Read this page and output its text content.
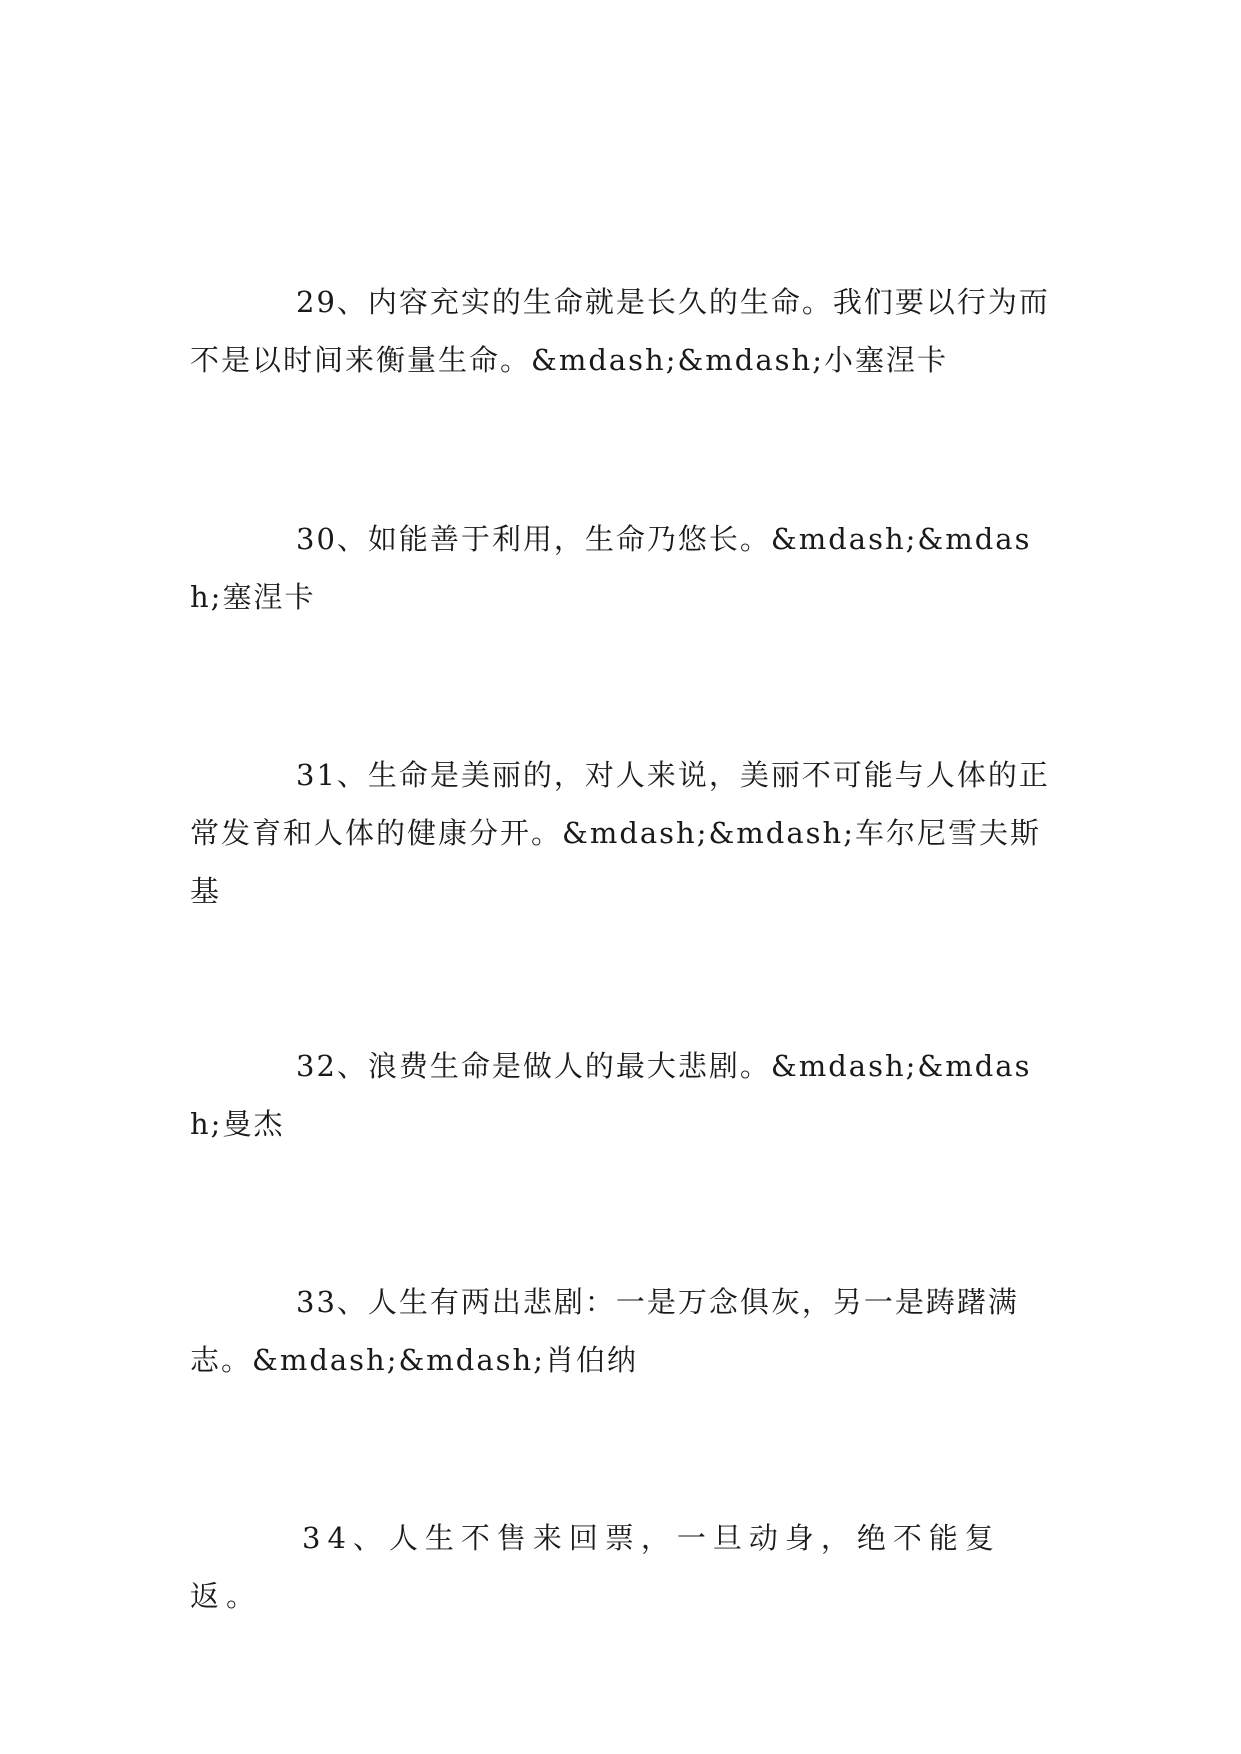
29、内容充实的生命就是长久的生命。我们要以行为而不是以时间来衡量生命。&mdash;&mdash;小塞涅卡

30、如能善于利用，生命乃悠长。&mdash;&mdash;塞涅卡

31、生命是美丽的，对人来说，美丽不可能与人体的正常发育和人体的健康分开。&mdash;&mdash;车尔尼雪夫斯基

32、浪费生命是做人的最大悲剧。&mdash;&mdash;曼杰

33、人生有两出悲剧：一是万念俱灰，另一是踌躇满志。&mdash;&mdash;肖伯纳

34、人生不售来回票，一旦动身，绝不能复返。
